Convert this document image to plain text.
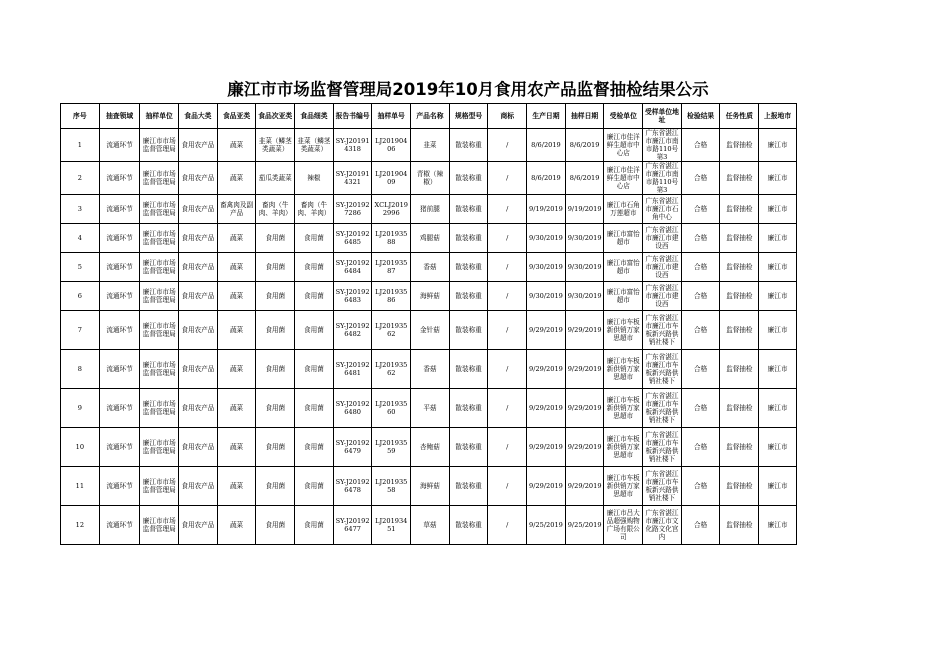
廉江市市场监督管理局2019年10月食用农产品监督抽检结果公示
序号	抽查领域	抽样单位	食品大类	食品亚类	食品次亚类	食品细类	报告书编号	抽样单号	产品名称	规格型号	商标	生产日期	抽样日期	受检单位	受样单位地址	检验结果	任务性质	上报地市

1	流通环节	廉江市市场监督管理局	食用农产品	蔬菜	韭菜（鳞茎类蔬菜）	韭菜（鳞茎类蔬菜）	SY-J201914318	LJ20190406	韭菜	散装称重	/	8/6/2019	8/6/2019	廉江市佳洋鲜生超市中心店	广东省湛江市廉江市南市路110号第3	合格	监督抽检	廉江市

2	流通环节	廉江市市场监督管理局	食用农产品	蔬菜	茄瓜类蔬菜	辣椒	SY-J201914321	LJ20190409	青椒（辣椒）	散装称重	/	8/6/2019	8/6/2019	廉江市佳洋鲜生超市中心店	广东省湛江市廉江市南市路110号第3	合格	监督抽检	廉江市

3	流通环节	廉江市市场监督管理局	食用农产品	畜禽肉及副产品	畜肉（牛肉、羊肉）	畜肉（牛肉、羊肉）	SY-J201927286	XCLJ20192996	猪前腿	散装称重	/	9/19/2019	9/19/2019	廉江市石角万莲超市	广东省湛江市廉江市石角中心	合格	监督抽检	廉江市

4	流通环节	廉江市市场监督管理局	食用农产品	蔬菜	食用菌	食用菌	SY-J201926485	LJ20193588	鸡腿菇	散装称重	/	9/30/2019	9/30/2019	廉江市富怡超市	广东省湛江市廉江市建设西	合格	监督抽检	廉江市

5	流通环节	廉江市市场监督管理局	食用农产品	蔬菜	食用菌	食用菌	SY-J201926484	LJ20193587	香菇	散装称重	/	9/30/2019	9/30/2019	廉江市富怡超市	广东省湛江市廉江市建设西	合格	监督抽检	廉江市

6	流通环节	廉江市市场监督管理局	食用农产品	蔬菜	食用菌	食用菌	SY-J201926483	LJ20193586	海鲜菇	散装称重	/	9/30/2019	9/30/2019	廉江市富怡超市	广东省湛江市廉江市建设西	合格	监督抽检	廉江市

7	流通环节	廉江市市场监督管理局	食用农产品	蔬菜	食用菌	食用菌	SY-J201926482	LJ20193562	金针菇	散装称重	/	9/29/2019	9/29/2019	廉江市车板新供销万家思超市	广东省湛江市廉江市车板新兴路供销社楼下	合格	监督抽检	廉江市

8	流通环节	廉江市市场监督管理局	食用农产品	蔬菜	食用菌	食用菌	SY-J201926481	LJ20193562	香菇	散装称重	/	9/29/2019	9/29/2019	廉江市车板新供销万家思超市	广东省湛江市廉江市车板新兴路供销社楼下	合格	监督抽检	廉江市

9	流通环节	廉江市市场监督管理局	食用农产品	蔬菜	食用菌	食用菌	SY-J201926480	LJ20193560	平菇	散装称重	/	9/29/2019	9/29/2019	廉江市车板新供销万家思超市	广东省湛江市廉江市车板新兴路供销社楼下	合格	监督抽检	廉江市

10	流通环节	廉江市市场监督管理局	食用农产品	蔬菜	食用菌	食用菌	SY-J201926479	LJ20193559	杏鲍菇	散装称重	/	9/29/2019	9/29/2019	廉江市车板新供销万家思超市	广东省湛江市廉江市车板新兴路供销社楼下	合格	监督抽检	廉江市

11	流通环节	廉江市市场监督管理局	食用农产品	蔬菜	食用菌	食用菌	SY-J201926478	LJ20193558	海鲜菇	散装称重	/	9/29/2019	9/29/2019	廉江市车板新供销万家思超市	广东省湛江市廉江市车板新兴路供销社楼下	合格	监督抽检	廉江市

12	流通环节	廉江市市场监督管理局	食用农产品	蔬菜	食用菌	食用菌	SY-J201926477	LJ20193451	草菇	散装称重	/	9/25/2019	9/25/2019	廉江市吕大品超强购物广场有限公司	广东省湛江市廉江市文化路文化宫内	合格	监督抽检	廉江市
